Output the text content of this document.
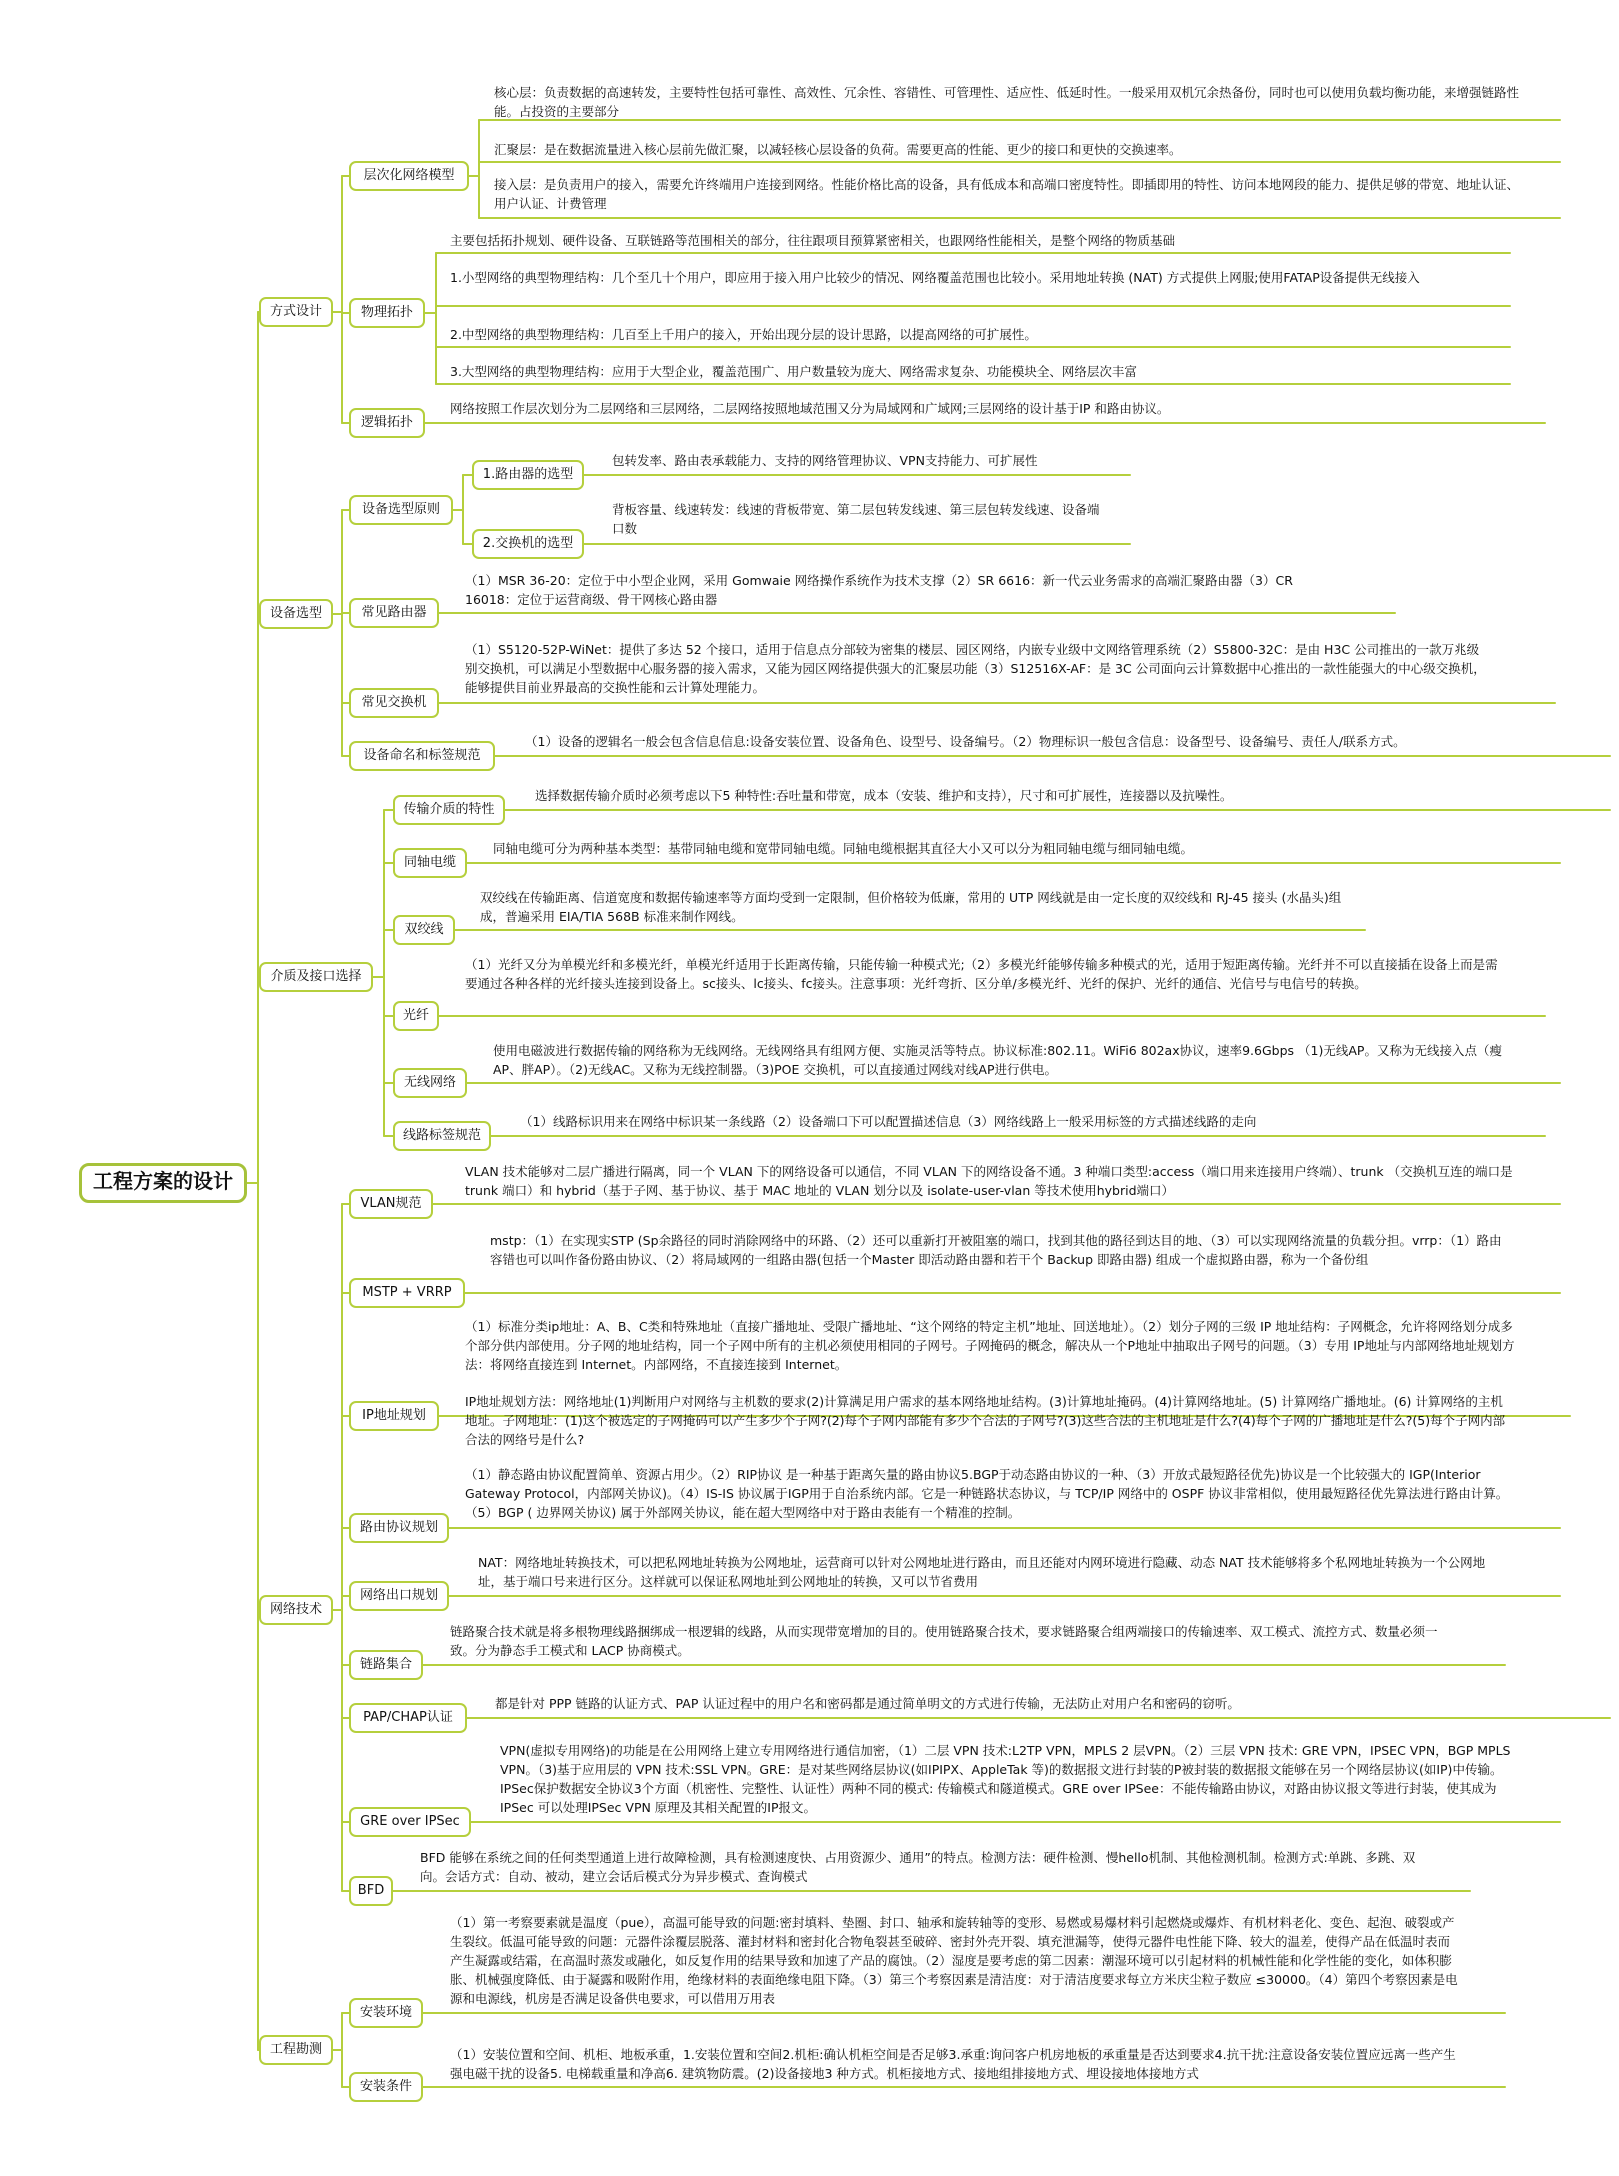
工程方案的设计
方式设计
层次化网络模型
核心层：负责数据的高速转发，主要特性包括可靠性、高效性、冗余性、容错性、可管理性、适应性、低延时性。一般采用双机冗余热备份，同时也可以使用负载均衡功能，来增强链路性能。占投资的主要部分
汇聚层：是在数据流量进入核心层前先做汇聚，以减轻核心层设备的负荷。需要更高的性能、更少的接口和更快的交换速率。
接入层：是负责用户的接入，需要允许终端用户连接到网络。性能价格比高的设备，具有低成本和高端口密度特性。即插即用的特性、访问本地网段的能力、提供足够的带宽、地址认证、用户认证、计费管理
物理拓扑
主要包括拓扑规划、硬件设备、互联链路等范围相关的部分，往往跟项目预算紧密相关，也跟网络性能相关，是整个网络的物质基础
1.小型网络的典型物理结构：几个至几十个用户，即应用于接入用户比较少的情况、网络覆盖范围也比较小。采用地址转换 (NAT) 方式提供上网服;使用FATAP设备提供无线接入
2.中型网络的典型物理结构：几百至上千用户的接入，开始出现分层的设计思路，以提高网络的可扩展性。
3.大型网络的典型物理结构：应用于大型企业，覆盖范围广、用户数量较为庞大、网络需求复杂、功能模块全、网络层次丰富
逻辑拓扑
网络按照工作层次划分为二层网络和三层网络，二层网络按照地域范围又分为局域网和广域网;三层网络的设计基于IP 和路由协议。
设备选型
设备选型原则
1.路由器的选型
包转发率、路由表承载能力、支持的网络管理协议、VPN支持能力、可扩展性
2.交换机的选型
背板容量、线速转发：线速的背板带宽、第二层包转发线速、第三层包转发线速、设备端口数
常见路由器
（1）MSR 36-20：定位于中小型企业网，采用 Gomwaie 网络操作系统作为技术支撑（2）SR 6616：新一代云业务需求的高端汇聚路由器（3）CR 16018：定位于运营商级、骨干网核心路由器
常见交换机
（1）S5120-52P-WiNet：提供了多达 52 个接口，适用于信息点分部较为密集的楼层、园区网络，内嵌专业级中文网络管理系统（2）S5800-32C：是由 H3C 公司推出的一款万兆级别交换机，可以满足小型数据中心服务器的接入需求，又能为园区网络提供强大的汇聚层功能（3）S12516X-AF：是 3C 公司面向云计算数据中心推出的一款性能强大的中心级交换机，能够提供目前业界最高的交换性能和云计算处理能力。
设备命名和标签规范
（1）设备的逻辑名一般会包含信息信息:设备安装位置、设备角色、设型号、设备编号。（2）物理标识一般包含信息：设备型号、设备编号、责任人/联系方式。
介质及接口选择
传输介质的特性
选择数据传输介质时必须考虑以下5 种特性:吞吐量和带宽，成本（安装、维护和支持），尺寸和可扩展性，连接器以及抗噪性。
同轴电缆
同轴电缆可分为两种基本类型：基带同轴电缆和宽带同轴电缆。同轴电缆根据其直径大小又可以分为粗同轴电缆与细同轴电缆。
双绞线
双绞线在传输距离、信道宽度和数据传输速率等方面均受到一定限制，但价格较为低廉，常用的 UTP 网线就是由一定长度的双绞线和 RJ-45 接头 (水晶头)组成，普遍采用 EIA/TIA 568B 标准来制作网线。
光纤
（1）光纤又分为单模光纤和多模光纤，单模光纤适用于长距离传输，只能传输一种模式光;（2）多模光纤能够传输多种模式的光，适用于短距离传输。光纤并不可以直接插在设备上而是需要通过各种各样的光纤接头连接到设备上。sc接头、lc接头、fc接头。注意事项：光纤弯折、区分单/多模光纤、光纤的保护、光纤的通信、光信号与电信号的转换。
无线网络
使用电磁波进行数据传输的网络称为无线网络。无线网络具有组网方便、实施灵活等特点。协议标准:802.11。WiFi6 802ax协议，速率9.6Gbps （1)无线AP。又称为无线接入点（瘦AP、胖AP）。（2)无线AC。又称为无线控制器。（3)POE 交换机，可以直接通过网线对线AP进行供电。
线路标签规范
（1）线路标识用来在网络中标识某一条线路（2）设备端口下可以配置描述信息（3）网络线路上一般采用标签的方式描述线路的走向
网络技术
VLAN规范
VLAN 技术能够对二层广播进行隔离，同一个 VLAN 下的网络设备可以通信，不同 VLAN 下的网络设备不通。3 种端口类型:access（端口用来连接用户终端）、trunk （交换机互连的端口是 trunk 端口）和 hybrid（基于子网、基于协议、基于 MAC 地址的 VLAN 划分以及 isolate-user-vlan 等技术使用hybrid端口）
MSTP + VRRP
mstp：（1）在实现实STP (Sp余路径的同时消除网络中的环路、（2）还可以重新打开被阻塞的端口，找到其他的路径到达目的地、（3）可以实现网络流量的负载分担。vrrp：（1）路由容错也可以叫作备份路由协议、（2）将局域网的一组路由器(包括一个Master 即活动路由器和若干个 Backup 即路由器) 组成一个虚拟路由器，称为一个备份组
IP地址规划
（1）标准分类ip地址：A、B、C类和特殊地址（直接广播地址、受限广播地址、“这个网络的特定主机”地址、回送地址）。（2）划分子网的三级 IP 地址结构：子网概念，允许将网络划分成多个部分供内部使用。分子网的地址结构，同一个子网中所有的主机必须使用相同的子网号。子网掩码的概念，解决从一个P地址中抽取出子网号的问题。（3）专用 IP地址与内部网络地址规划方法：将网络直接连到 Internet。内部网络，不直接连接到 Internet。
IP地址规划方法：网络地址(1)判断用户对网络与主机数的要求(2)计算满足用户需求的基本网络地址结构。(3)计算地址掩码。(4)计算网络地址。(5) 计算网络广播地址。(6) 计算网络的主机地址。子网地址：(1)这个被选定的子网掩码可以产生多少个子网?(2)每个子网内部能有多少个合法的子网号?(3)这些合法的主机地址是什么?(4)每个子网的广播地址是什么?(5)每个子网内部合法的网络号是什么?
路由协议规划
（1）静态路由协议配置简单、资源占用少。（2）RIP协议 是一种基于距离矢量的路由协议5.BGP于动态路由协议的一种、（3）开放式最短路径优先)协议是一个比较强大的 IGP(Interior Gateway Protocol，内部网关协议)。（4）IS-IS 协议属于IGP用于自治系统内部。它是一种链路状态协议，与 TCP/IP 网络中的 OSPF 协议非常相似，使用最短路径优先算法进行路由计算。（5）BGP ( 边界网关协议) 属于外部网关协议，能在超大型网络中对于路由表能有一个精准的控制。
网络出口规划
NAT：网络地址转换技术，可以把私网地址转换为公网地址，运营商可以针对公网地址进行路由，而且还能对内网环境进行隐藏、动态 NAT 技术能够将多个私网地址转换为一个公网地址，基于端口号来进行区分。这样就可以保证私网地址到公网地址的转换，又可以节省费用
链路集合
链路聚合技术就是将多根物理线路捆绑成一根逻辑的线路，从而实现带宽增加的目的。使用链路聚合技术，要求链路聚合组两端接口的传输速率、双工模式、流控方式、数量必须一致。分为静态手工模式和 LACP 协商模式。
PAP/CHAP认证
都是针对 PPP 链路的认证方式、PAP 认证过程中的用户名和密码都是通过简单明文的方式进行传输，无法防止对用户名和密码的窃听。
GRE over IPSec
VPN(虚拟专用网络)的功能是在公用网络上建立专用网络进行通信加密，（1）二层 VPN 技术:L2TP VPN，MPLS 2 层VPN。（2）三层 VPN 技术: GRE VPN，IPSEC VPN，BGP MPLS VPN。（3)基于应用层的 VPN 技术:SSL VPN。GRE：是对某些网络层协议(如IPIPX、AppleTak 等)的数据报文进行封装的P被封装的数据报文能够在另一个网络层协议(如IP)中传输。IPSec保护数据安全协议3个方面（机密性、完整性、认证性）两种不同的模式: 传输模式和隧道模式。GRE over IPSee：不能传输路由协议，对路由协议报文等进行封装，使其成为 IPSec 可以处理IPSec VPN 原理及其相关配置的IP报文。
BFD
BFD 能够在系统之间的任何类型通道上进行故障检测，具有检测速度快、占用资源少、通用”的特点。检测方法：硬件检测、慢hello机制、其他检测机制。检测方式:单跳、多跳、双向。会话方式：自动、被动，建立会话后模式分为异步模式、查询模式
工程勘测
安装环境
（1）第一考察要素就是温度（pue），高温可能导致的问题:密封填料、垫圈、封口、轴承和旋转轴等的变形、易燃或易爆材料引起燃烧或爆炸、有机材料老化、变色、起泡、破裂或产生裂纹。低温可能导致的问题：元器件涂覆层脱落、灌封材料和密封化合物龟裂甚至破碎、密封外壳开裂、填充泄漏等，使得元器件电性能下降、较大的温差，使得产品在低温时表而产生凝露或结霜，在高温时蒸发或融化，如反复作用的结果导致和加速了产品的腐蚀。（2）湿度是要考虑的第二因素：潮湿环境可以引起材料的机械性能和化学性能的变化，如体积膨胀、机械强度降低、由于凝露和吸附作用，绝缘材料的表面绝缘电阻下降。（3）第三个考察因素是清洁度：对于清洁度要求每立方米庆尘粒子数应 ≤30000。（4）第四个考察因素是电源和电源线，机房是否满足设备供电要求，可以借用万用表
安装条件
（1）安装位置和空间、机柜、地板承重，1.安装位置和空间2.机柜:确认机柜空间是否足够3.承重:询问客户机房地板的承重量是否达到要求4.抗干扰:注意设备安装位置应远离一些产生强电磁干扰的设备5. 电梯载重量和净高6. 建筑物防震。(2)设备接地3 种方式。机柜接地方式、接地组排接地方式、埋设接地体接地方式
